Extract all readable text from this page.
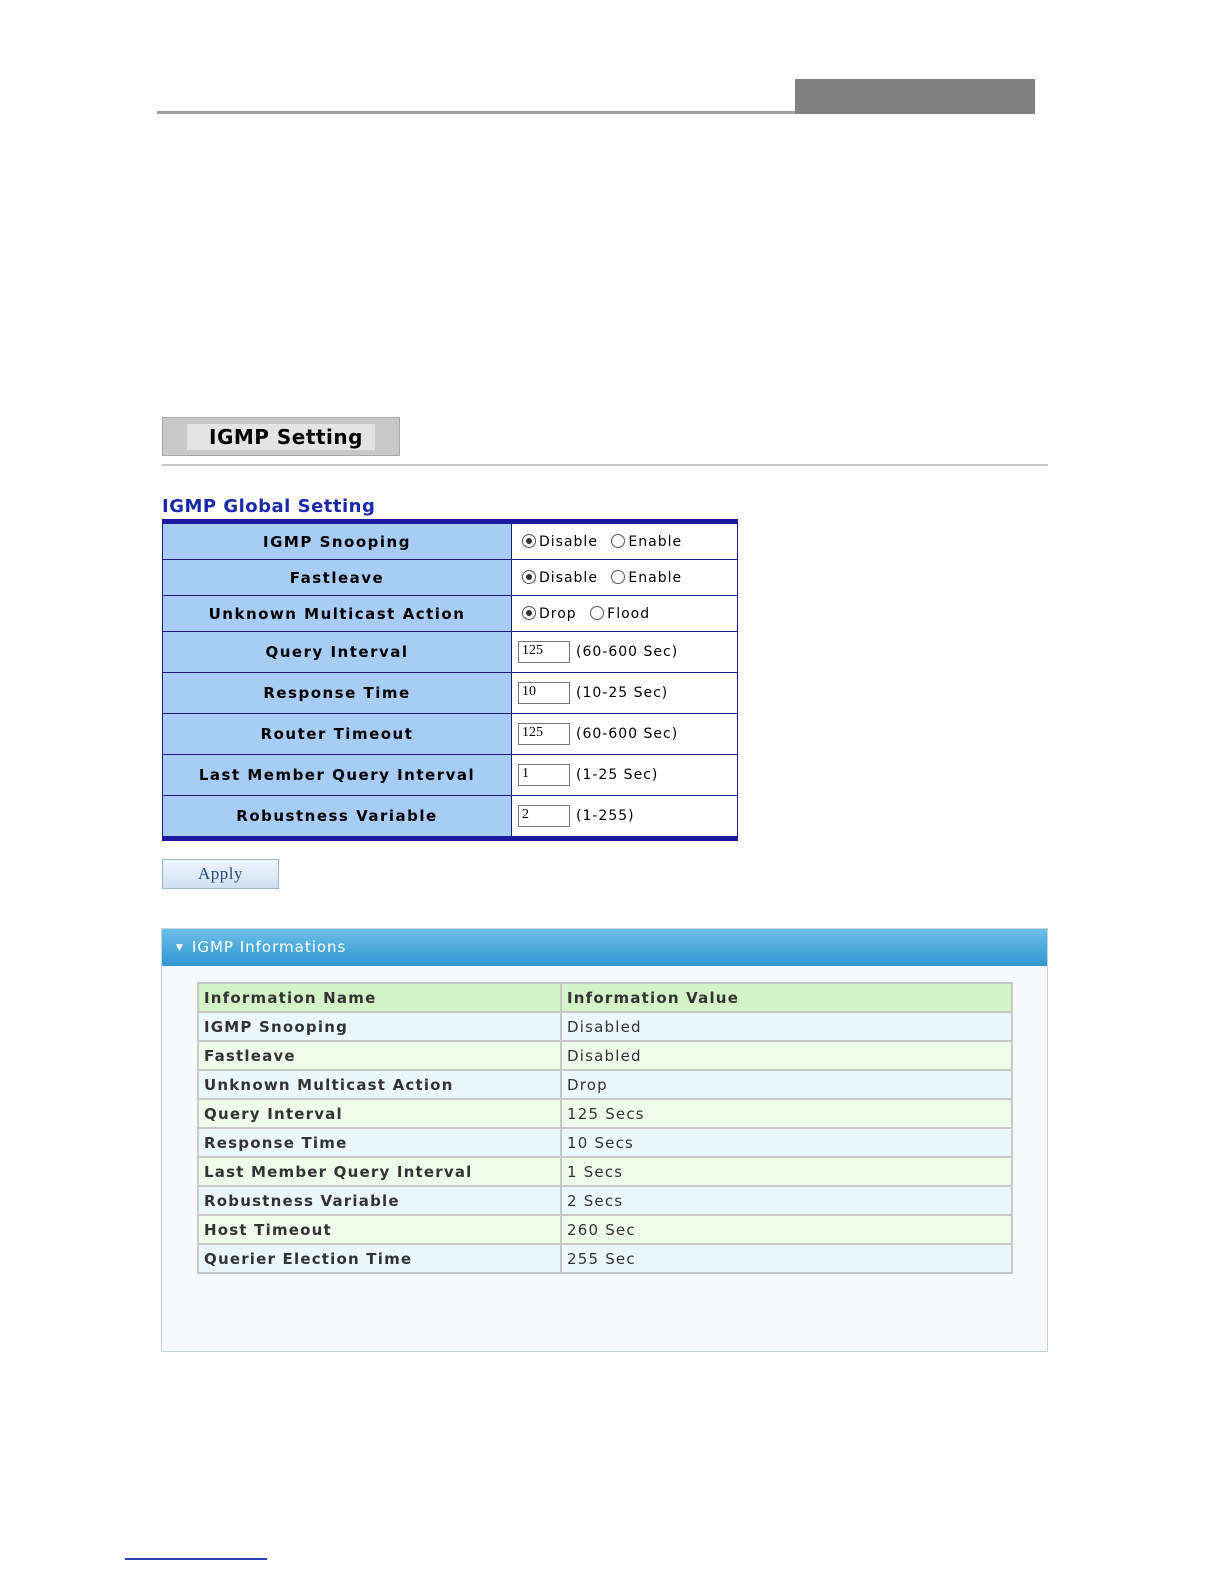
IGMP Setting
IGMP Global Setting
IGMP Snooping	Disable Enable
Fastleave	Disable Enable
Unknown Multicast Action	Drop Flood
Query Interval	125 (60-600 Sec)
Response Time	10 (10-25 Sec)
Router Timeout	125 (60-600 Sec)
Last Member Query Interval	1 (1-25 Sec)
Robustness Variable	2 (1-255)
Apply
▼ IGMP Informations
Information Name	Information Value
IGMP Snooping	Disabled
Fastleave	Disabled
Unknown Multicast Action	Drop
Query Interval	125 Secs
Response Time	10 Secs
Last Member Query Interval	1 Secs
Robustness Variable	2 Secs
Host Timeout	260 Sec
Querier Election Time	255 Sec
